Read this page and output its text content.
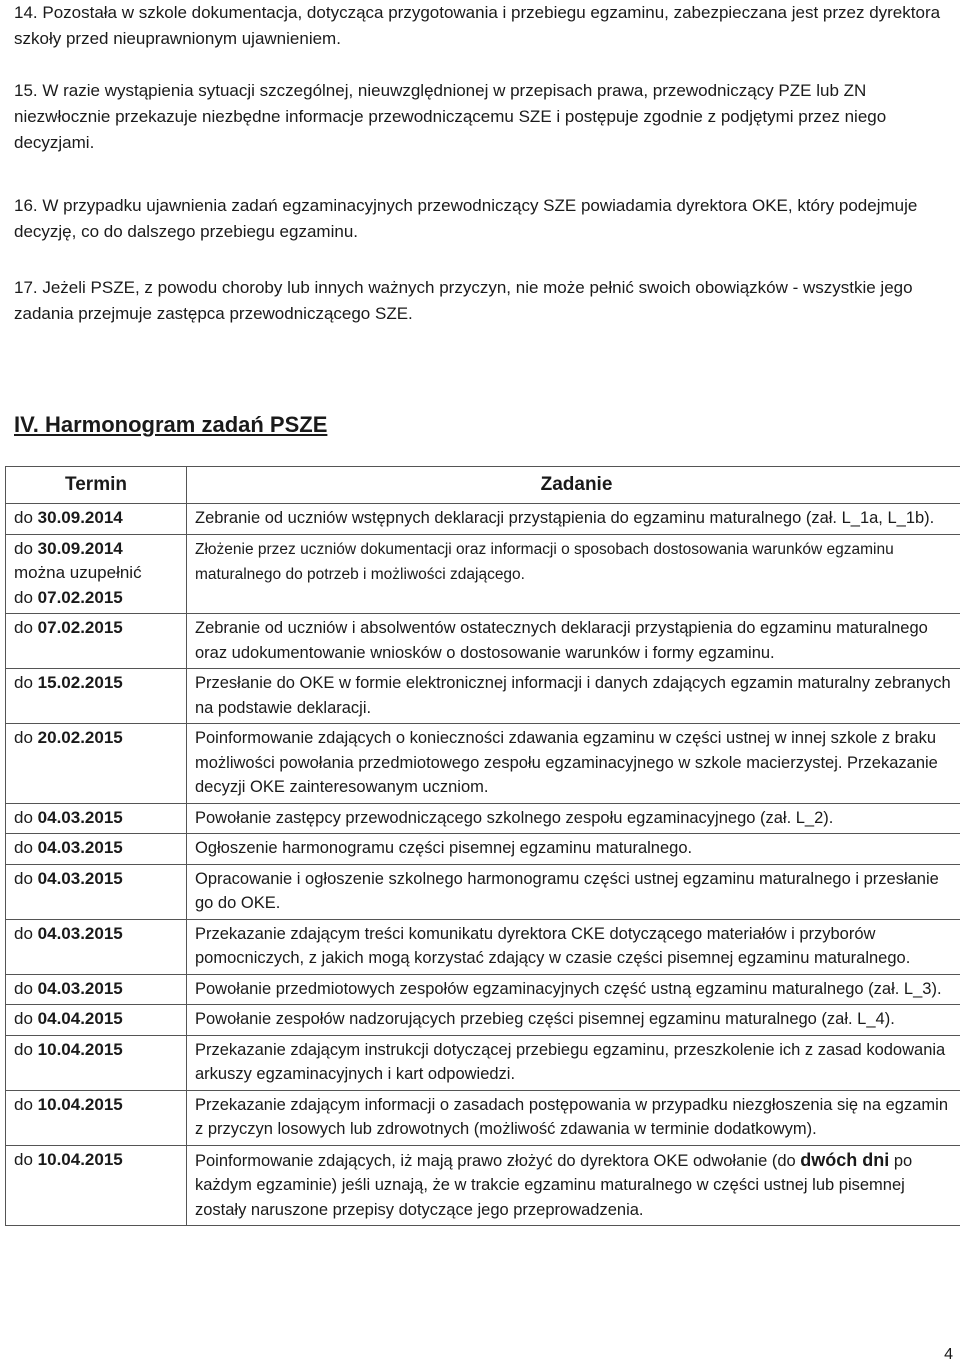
14. Pozostała w szkole dokumentacja, dotycząca przygotowania i przebiegu egzaminu, zabezpieczana jest przez dyrektora szkoły przed nieuprawnionym ujawnieniem.

15. W razie wystąpienia sytuacji szczególnej, nieuwzględnionej w przepisach prawa, przewodniczący PZE lub ZN niezwłocznie przekazuje niezbędne informacje przewodniczącemu SZE i postępuje zgodnie z podjętymi przez niego decyzjami.

16. W przypadku ujawnienia zadań egzaminacyjnych przewodniczący SZE powiadamia dyrektora OKE, który podejmuje decyzję, co do dalszego przebiegu egzaminu.

17. Jeżeli PSZE, z powodu choroby lub innych ważnych przyczyn, nie może pełnić swoich obowiązków - wszystkie jego zadania przejmuje zastępca przewodniczącego SZE.

IV. Harmonogram zadań PSZE
Termin	Zadanie
do 30.09.2014	Zebranie od uczniów wstępnych deklaracji przystąpienia do egzaminu maturalnego (zał. L_1a, L_1b).
do 30.09.2014
można uzupełnić
do 07.02.2015	Złożenie przez uczniów dokumentacji oraz informacji o sposobach dostosowania warunków egzaminu maturalnego do potrzeb i możliwości zdającego.
do 07.02.2015	Zebranie od uczniów i absolwentów ostatecznych deklaracji przystąpienia do egzaminu maturalnego oraz udokumentowanie wniosków o dostosowanie warunków i formy egzaminu.
do 15.02.2015	Przesłanie do OKE w formie elektronicznej informacji i danych zdających egzamin maturalny zebranych na podstawie deklaracji.
do 20.02.2015	Poinformowanie zdających o konieczności zdawania egzaminu w części ustnej w innej szkole z braku możliwości powołania przedmiotowego zespołu egzaminacyjnego w szkole macierzystej. Przekazanie decyzji OKE zainteresowanym uczniom.
do 04.03.2015	Powołanie zastępcy przewodniczącego szkolnego zespołu egzaminacyjnego (zał. L_2).
do 04.03.2015	Ogłoszenie harmonogramu części pisemnej egzaminu maturalnego.
do 04.03.2015	Opracowanie i ogłoszenie szkolnego harmonogramu części ustnej egzaminu maturalnego i przesłanie go do OKE.
do 04.03.2015	Przekazanie zdającym treści komunikatu dyrektora CKE dotyczącego materiałów i przyborów pomocniczych, z jakich mogą korzystać zdający w czasie części pisemnej egzaminu maturalnego.
do 04.03.2015	Powołanie przedmiotowych zespołów egzaminacyjnych część ustną egzaminu maturalnego (zał. L_3).
do 04.04.2015	Powołanie zespołów nadzorujących przebieg części pisemnej egzaminu maturalnego (zał. L_4).
do 10.04.2015	Przekazanie zdającym instrukcji dotyczącej przebiegu egzaminu, przeszkolenie ich z zasad kodowania arkuszy egzaminacyjnych i kart odpowiedzi.
do 10.04.2015	Przekazanie zdającym informacji o zasadach postępowania w przypadku niezgłoszenia się na egzamin z przyczyn losowych lub zdrowotnych (możliwość zdawania w terminie dodatkowym).
do 10.04.2015	Poinformowanie zdających, iż mają prawo złożyć do dyrektora OKE odwołanie (do dwóch dni po każdym egzaminie) jeśli uznają, że w trakcie egzaminu maturalnego w części ustnej lub pisemnej zostały naruszone przepisy dotyczące jego przeprowadzenia.
4
